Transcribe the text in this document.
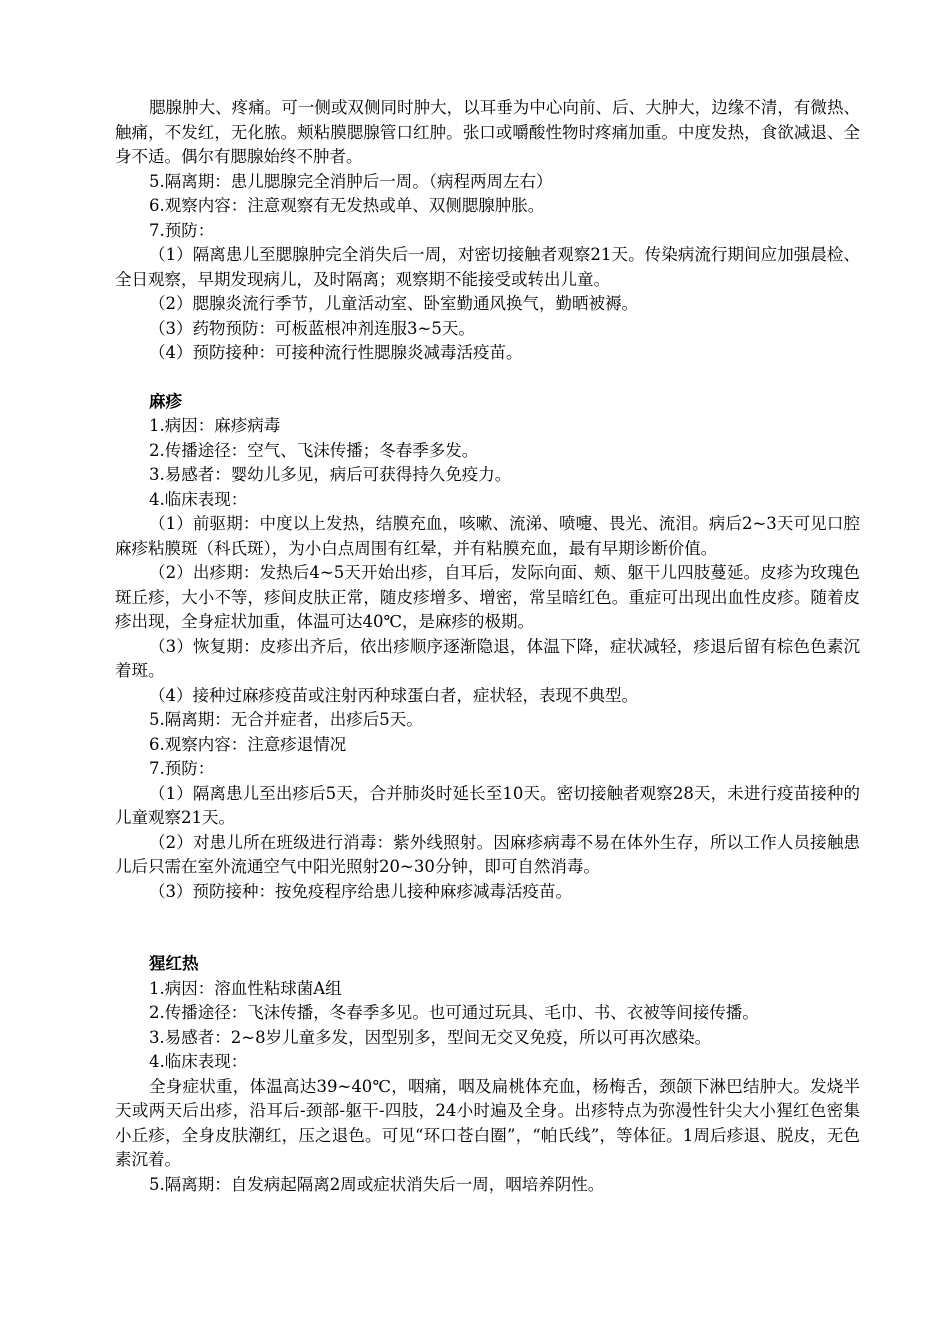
腮腺肿大、疼痛。可一侧或双侧同时肿大，以耳垂为中心向前、后、大肿大，边缘不清，有微热、触痛，不发红，无化脓。颊粘膜腮腺管口红肿。张口或嚼酸性物时疼痛加重。中度发热，食欲减退、全身不适。偶尔有腮腺始终不肿者。

5.隔离期：患儿腮腺完全消肿后一周。（病程两周左右）

6.观察内容：注意观察有无发热或单、双侧腮腺肿胀。

7.预防：

（1）隔离患儿至腮腺肿完全消失后一周，对密切接触者观察21天。传染病流行期间应加强晨检、全日观察，早期发现病儿，及时隔离；观察期不能接受或转出儿童。

（2）腮腺炎流行季节，儿童活动室、卧室勤通风换气，勤晒被褥。

（3）药物预防：可板蓝根冲剂连服3~5天。

（4）预防接种：可接种流行性腮腺炎减毒活疫苗。

麻疹

1.病因：麻疹病毒

2.传播途径：空气、飞沫传播；冬春季多发。

3.易感者：婴幼儿多见，病后可获得持久免疫力。

4.临床表现：

（1）前驱期：中度以上发热，结膜充血，咳嗽、流涕、喷嚏、畏光、流泪。病后2~3天可见口腔麻疹粘膜斑（科氏斑），为小白点周围有红晕，并有粘膜充血，最有早期诊断价值。

（2）出疹期：发热后4~5天开始出疹，自耳后，发际向面、颊、躯干儿四肢蔓延。皮疹为玫瑰色斑丘疹，大小不等，疹间皮肤正常，随皮疹增多、增密，常呈暗红色。重症可出现出血性皮疹。随着皮疹出现，全身症状加重，体温可达40℃，是麻疹的极期。

（3）恢复期：皮疹出齐后，依出疹顺序逐渐隐退，体温下降，症状减轻，疹退后留有棕色色素沉着斑。

（4）接种过麻疹疫苗或注射丙种球蛋白者，症状轻，表现不典型。

5.隔离期：无合并症者，出疹后5天。

6.观察内容：注意疹退情况

7.预防：

（1）隔离患儿至出疹后5天，合并肺炎时延长至10天。密切接触者观察28天，未进行疫苗接种的儿童观察21天。

（2）对患儿所在班级进行消毒：紫外线照射。因麻疹病毒不易在体外生存，所以工作人员接触患儿后只需在室外流通空气中阳光照射20~30分钟，即可自然消毒。

（3）预防接种：按免疫程序给患儿接种麻疹减毒活疫苗。

猩红热

1.病因：溶血性粘球菌A组

2.传播途径：飞沫传播，冬春季多见。也可通过玩具、毛巾、书、衣被等间接传播。

3.易感者：2~8岁儿童多发，因型别多，型间无交叉免疫，所以可再次感染。

4.临床表现：

全身症状重，体温高达39~40℃，咽痛，咽及扁桃体充血，杨梅舌，颈颌下淋巴结肿大。发烧半天或两天后出疹，沿耳后-颈部-躯干-四肢，24小时遍及全身。出疹特点为弥漫性针尖大小猩红色密集小丘疹，全身皮肤潮红，压之退色。可见“环口苍白圈”，“帕氏线”，等体征。1周后疹退、脱皮，无色素沉着。

5.隔离期：自发病起隔离2周或症状消失后一周，咽培养阴性。
